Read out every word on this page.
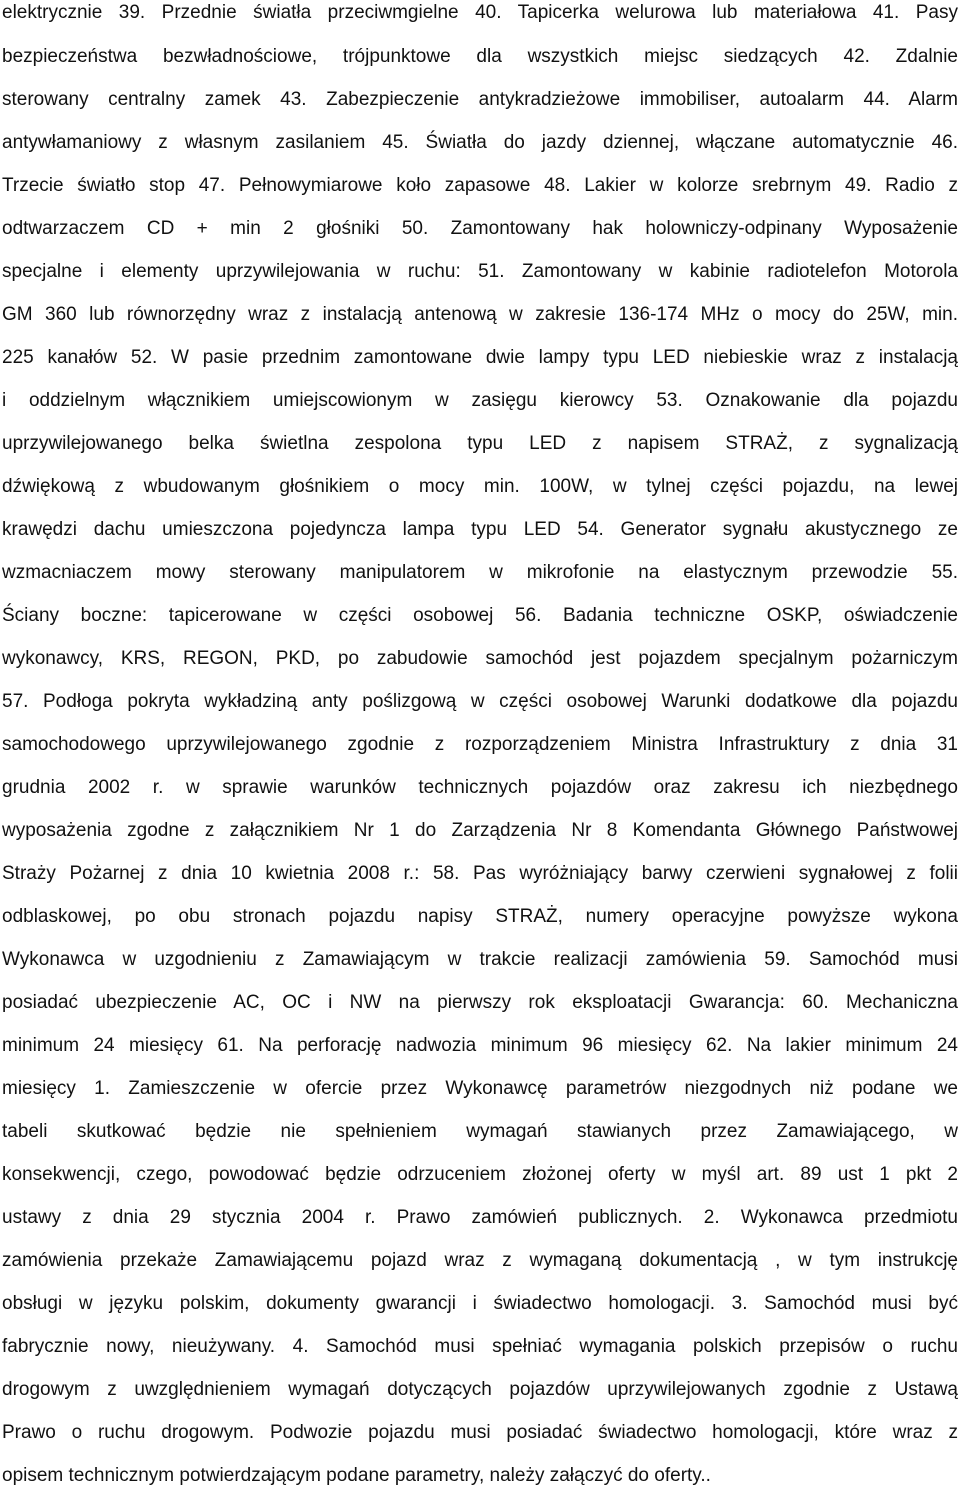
elektrycznie 39. Przednie światła przeciwmgielne 40. Tapicerka welurowa lub materiałowa 41. Pasy

bezpieczeństwa bezwładnościowe, trójpunktowe dla wszystkich miejsc siedzących 42. Zdalnie

sterowany centralny zamek 43. Zabezpieczenie antykradzieżowe immobiliser, autoalarm 44. Alarm

antywłamaniowy z własnym zasilaniem 45. Światła do jazdy dziennej, włączane automatycznie 46.

Trzecie światło stop 47. Pełnowymiarowe koło zapasowe 48. Lakier w kolorze srebrnym 49. Radio z

odtwarzaczem CD + min 2 głośniki 50. Zamontowany hak holowniczy-odpinany Wyposażenie

specjalne i elementy uprzywilejowania w ruchu: 51. Zamontowany w kabinie radiotelefon Motorola

GM 360 lub równorzędny wraz z instalacją antenową w zakresie 136-174 MHz o mocy do 25W, min.

225 kanałów 52. W pasie przednim zamontowane dwie lampy typu LED niebieskie wraz z instalacją

i oddzielnym włącznikiem umiejscowionym w zasięgu kierowcy 53. Oznakowanie dla pojazdu

uprzywilejowanego belka świetlna zespolona typu LED z napisem STRAŻ, z sygnalizacją

dźwiękową z wbudowanym głośnikiem o mocy min. 100W, w tylnej części pojazdu, na lewej

krawędzi dachu umieszczona pojedyncza lampa typu LED 54. Generator sygnału akustycznego ze

wzmacniaczem mowy sterowany manipulatorem w mikrofonie na elastycznym przewodzie 55.

Ściany boczne: tapicerowane w części osobowej 56. Badania techniczne OSKP, oświadczenie

wykonawcy, KRS, REGON, PKD, po zabudowie samochód jest pojazdem specjalnym pożarniczym

57. Podłoga pokryta wykładziną anty poślizgową w części osobowej Warunki dodatkowe dla pojazdu

samochodowego uprzywilejowanego zgodnie z rozporządzeniem Ministra Infrastruktury z dnia 31

grudnia 2002 r. w sprawie warunków technicznych pojazdów oraz zakresu ich niezbędnego

wyposażenia zgodne z załącznikiem Nr 1 do Zarządzenia Nr 8 Komendanta Głównego Państwowej

Straży Pożarnej z dnia 10 kwietnia 2008 r.: 58. Pas wyróżniający barwy czerwieni sygnałowej z folii

odblaskowej, po obu stronach pojazdu napisy STRAŻ, numery operacyjne powyższe wykona

Wykonawca w uzgodnieniu z Zamawiającym w trakcie realizacji zamówienia 59. Samochód musi

posiadać ubezpieczenie AC, OC i NW na pierwszy rok eksploatacji Gwarancja: 60. Mechaniczna

minimum 24 miesięcy 61. Na perforację nadwozia minimum 96 miesięcy 62. Na lakier minimum 24

miesięcy 1. Zamieszczenie w ofercie przez Wykonawcę parametrów niezgodnych niż podane we

tabeli skutkować będzie nie spełnieniem wymagań stawianych przez Zamawiającego, w

konsekwencji, czego, powodować będzie odrzuceniem złożonej oferty w myśl art. 89 ust 1 pkt 2

ustawy z dnia 29 stycznia 2004 r. Prawo zamówień publicznych. 2. Wykonawca przedmiotu

zamówienia przekaże Zamawiającemu pojazd wraz z wymaganą dokumentacją , w tym instrukcję

obsługi w języku polskim, dokumenty gwarancji i świadectwo homologacji. 3. Samochód musi być

fabrycznie nowy, nieużywany. 4. Samochód musi spełniać wymagania polskich przepisów o ruchu

drogowym z uwzględnieniem wymagań dotyczących pojazdów uprzywilejowanych zgodnie z Ustawą

Prawo o ruchu drogowym. Podwozie pojazdu musi posiadać świadectwo homologacji, które wraz z

opisem technicznym potwierdzającym podane parametry, należy załączyć do oferty..
